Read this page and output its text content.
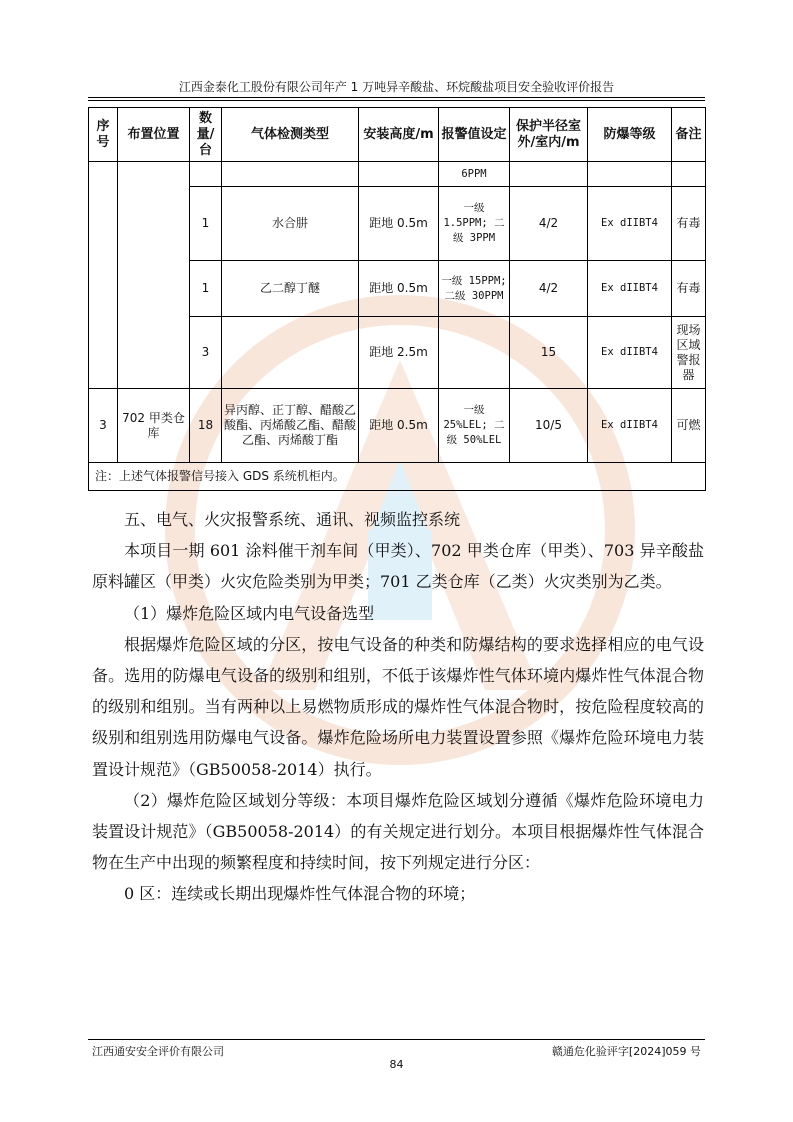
江西金泰化工股份有限公司年产 1 万吨异辛酸盐、环烷酸盐项目安全验收评价报告
序号	布置位置	数量/台	气体检测类型	安装高度/m	报警值设定	保护半径室外/室内/m	防爆等级	备注
					6PPM			
		1	水合肼	距地 0.5m	一级 1.5PPM; 二级 3PPM	4/2	Ex dIIBT4	有毒
		1	乙二醇丁醚	距地 0.5m	一级 15PPM;二级 30PPM	4/2	Ex dIIBT4	有毒
		3		距地 2.5m		15	Ex dIIBT4	现场区域警报器
3	702 甲类仓库	18	异丙醇、正丁醇、醋酸乙酸酯、丙烯酸乙酯、醋酸乙酯、丙烯酸丁酯	距地 0.5m	一级 25%LEL; 二级 50%LEL	10/5	Ex dIIBT4	可燃
注：上述气体报警信号接入 GDS 系统机柜内。								

五、电气、火灾报警系统、通讯、视频监控系统

本项目一期 601 涂料催干剂车间（甲类）、702 甲类仓库（甲类）、703 异辛酸盐原料罐区（甲类）火灾危险类别为甲类；701 乙类仓库（乙类）火灾类别为乙类。

（1）爆炸危险区域内电气设备选型

根据爆炸危险区域的分区，按电气设备的种类和防爆结构的要求选择相应的电气设备。选用的防爆电气设备的级别和组别，不低于该爆炸性气体环境内爆炸性气体混合物的级别和组别。当有两种以上易燃物质形成的爆炸性气体混合物时，按危险程度较高的级别和组别选用防爆电气设备。爆炸危险场所电力装置设置参照《爆炸危险环境电力装置设计规范》（GB50058-2014）执行。

（2）爆炸危险区域划分等级：本项目爆炸危险区域划分遵循《爆炸危险环境电力装置设计规范》（GB50058-2014）的有关规定进行划分。本项目根据爆炸性气体混合物在生产中出现的频繁程度和持续时间，按下列规定进行分区：

0 区：连续或长期出现爆炸性气体混合物的环境；

江西通安安全评价有限公司	赣通危化验评字[2024]059 号
84
